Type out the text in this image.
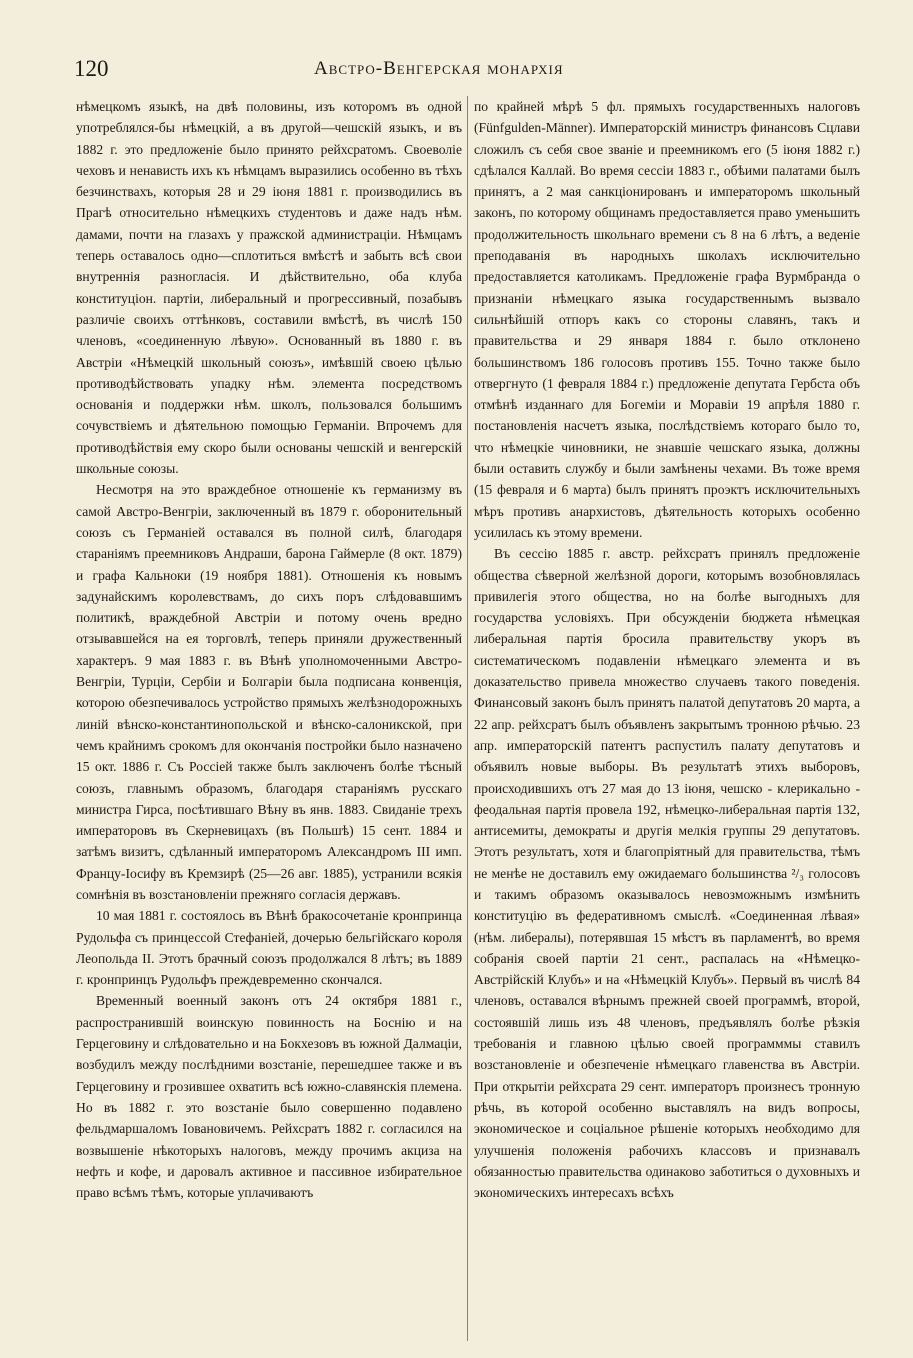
120	Австро-Венгерская монархія

нѣмецкомъ языкѣ, на двѣ половины, изъ которомъ въ одной употреблялся-бы нѣмецкій, а въ другой—чешскій языкъ, и въ 1882 г. это предложеніе было принято рейхсратомъ. Своеволіе чеховъ и ненависть ихъ къ нѣмцамъ выразились особенно въ тѣхъ безчинствахъ, которыя 28 и 29 іюня 1881 г. производились въ Прагѣ относительно нѣмецкихъ студентовъ и даже надъ нѣм. дамами, почти на глазахъ у пражской администраціи. Нѣмцамъ теперь оставалось одно—сплотиться вмѣстѣ и забыть всѣ свои внутреннія разногласія. И дѣйствительно, оба клуба конституціон. партіи, либеральный и прогрессивный, позабывъ различіе своихъ оттѣнковъ, составили вмѣстѣ, въ числѣ 150 членовъ, «соединенную лѣвую». Основанный въ 1880 г. въ Австріи «Нѣмецкій школьный союзъ», имѣвшій своею цѣлью противодѣйствовать упадку нѣм. элемента посредствомъ основанія и поддержки нѣм. школъ, пользовался большимъ сочувствіемъ и дѣятельною помощью Германіи. Впрочемъ для противодѣйствія ему скоро были основаны чешскій и венгерскій школьные союзы.

Несмотря на это враждебное отношеніе къ германизму въ самой Австро-Венгріи, заключенный въ 1879 г. оборонительный союзъ съ Германіей оставался въ полной силѣ, благодаря стараніямъ преемниковъ Андраши, барона Гаймерле (8 окт. 1879) и графа Кальноки (19 ноября 1881). Отношенія къ новымъ задунайскимъ королевствамъ, до сихъ поръ слѣдовавшимъ политикѣ, враждебной Австріи и потому очень вредно отзывавшейся на ея торговлѣ, теперь приняли дружественный характеръ. 9 мая 1883 г. въ Вѣнѣ уполномоченными Австро-Венгріи, Турціи, Сербіи и Болгаріи была подписана конвенція, которою обезпечивалось устройство прямыхъ желѣзнодорожныхъ линій вѣнско-константинопольской и вѣнско-салоникской, при чемъ крайнимъ срокомъ для окончанія постройки было назначено 15 окт. 1886 г. Съ Россіей также былъ заключенъ болѣе тѣсный союзъ, главнымъ образомъ, благодаря стараніямъ русскаго министра Гирса, посѣтившаго Вѣну въ янв. 1883. Свиданіе трехъ императоровъ въ Скерневицахъ (въ Польшѣ) 15 сент. 1884 и затѣмъ визитъ, сдѣланный императоромъ Александромъ III имп. Францу-Іосифу въ Кремзирѣ (25—26 авг. 1885), устранили всякія сомнѣнія въ возстановленіи прежняго согласія державъ.

10 мая 1881 г. состоялось въ Вѣнѣ бракосочетаніе кронпринца Рудольфа съ принцессой Стефаніей, дочерью бельгійскаго короля Леопольда II. Этотъ брачный союзъ продолжался 8 лѣтъ; въ 1889 г. кронпринцъ Рудольфъ преждевременно скончался.

Временный военный законъ отъ 24 октября 1881 г., распространившій воинскую повинность на Боснію и на Герцеговину и слѣдовательно и на Бокхезовъ въ южной Далмаціи, возбудилъ между послѣдними возстаніе, перешедшее также и въ Герцеговину и грозившее охватить всѣ южно-славянскія племена. Но въ 1882 г. это возстаніе было совершенно подавлено фельдмаршаломъ Іовановичемъ. Рейхсратъ 1882 г. согласился на возвышеніе нѣкоторыхъ налоговъ, между прочимъ акциза на нефть и кофе, и даровалъ активное и пассивное избирательное право всѣмъ тѣмъ, которые уплачиваютъ

по крайней мѣрѣ 5 фл. прямыхъ государственныхъ налоговъ (Fünfgulden-Männer). Императорскій министръ финансовъ Сцлави сложилъ съ себя свое званіе и преемникомъ его (5 іюня 1882 г.) сдѣлался Каллай. Во время сессіи 1883 г., обѣими палатами былъ принятъ, а 2 мая санкціонированъ и императоромъ школьный законъ, по которому общинамъ предоставляется право уменьшить продолжительность школьнаго времени съ 8 на 6 лѣтъ, а веденіе преподаванія въ народныхъ школахъ исключительно предоставляется католикамъ. Предложеніе графа Вурмбранда о признаніи нѣмецкаго языка государственнымъ вызвало сильнѣйшій отпоръ какъ со стороны славянъ, такъ и правительства и 29 января 1884 г. было отклонено большинствомъ 186 голосовъ противъ 155. Точно также было отвергнуто (1 февраля 1884 г.) предложеніе депутата Гербста объ отмѣнѣ изданнаго для Богеміи и Моравіи 19 апрѣля 1880 г. постановленія насчетъ языка, послѣдствіемъ котораго было то, что нѣмецкіе чиновники, не знавшіе чешскаго языка, должны были оставить службу и были замѣнены чехами. Въ тоже время (15 февраля и 6 марта) былъ принятъ проэктъ исключительныхъ мѣръ противъ анархистовъ, дѣятельность которыхъ особенно усилилась къ этому времени.

Въ сессію 1885 г. австр. рейхсратъ принялъ предложеніе общества сѣверной желѣзной дороги, которымъ возобновлялась привилегія этого общества, но на болѣе выгодныхъ для государства условіяхъ. При обсужденіи бюджета нѣмецкая либеральная партія бросила правительству укоръ въ систематическомъ подавленіи нѣмецкаго элемента и въ доказательство привела множество случаевъ такого поведенія. Финансовый законъ былъ принятъ палатой депутатовъ 20 марта, а 22 апр. рейхсратъ былъ объявленъ закрытымъ тронною рѣчью. 23 апр. императорскій патентъ распустилъ палату депутатовъ и объявилъ новые выборы. Въ результатѣ этихъ выборовъ, происходившихъ отъ 27 мая до 13 іюня, чешско - клерикально - феодальная партія провела 192, нѣмецко-либеральная партія 132, антисемиты, демократы и другія мелкія группы 29 депутатовъ. Этотъ результатъ, хотя и благопріятный для правительства, тѣмъ не менѣе не доставилъ ему ожидаемаго большинства ²/₃ голосовъ и такимъ образомъ оказывалось невозможнымъ измѣнить конституцію въ федеративномъ смыслѣ. «Соединенная лѣвая» (нѣм. либералы), потерявшая 15 мѣстъ въ парламентѣ, во время собранія своей партіи 21 сент., распалась на «Нѣмецко-Австрійскій Клубъ» и на «Нѣмецкій Клубъ». Первый въ числѣ 84 членовъ, оставался вѣрнымъ прежней своей программѣ, второй, состоявшій лишь изъ 48 членовъ, предъявлялъ болѣе рѣзкія требованія и главною цѣлью своей программмы ставилъ возстановленіе и обезпеченіе нѣмецкаго главенства въ Австріи. При открытіи рейхсрата 29 сент. императоръ произнесъ тронную рѣчь, въ которой особенно выставлялъ на видъ вопросы, экономическое и соціальное рѣшеніе которыхъ необходимо для улучшенія положенія рабочихъ классовъ и признавалъ обязанностью правительства одинаково заботиться о духовныхъ и экономическихъ интересахъ всѣхъ
